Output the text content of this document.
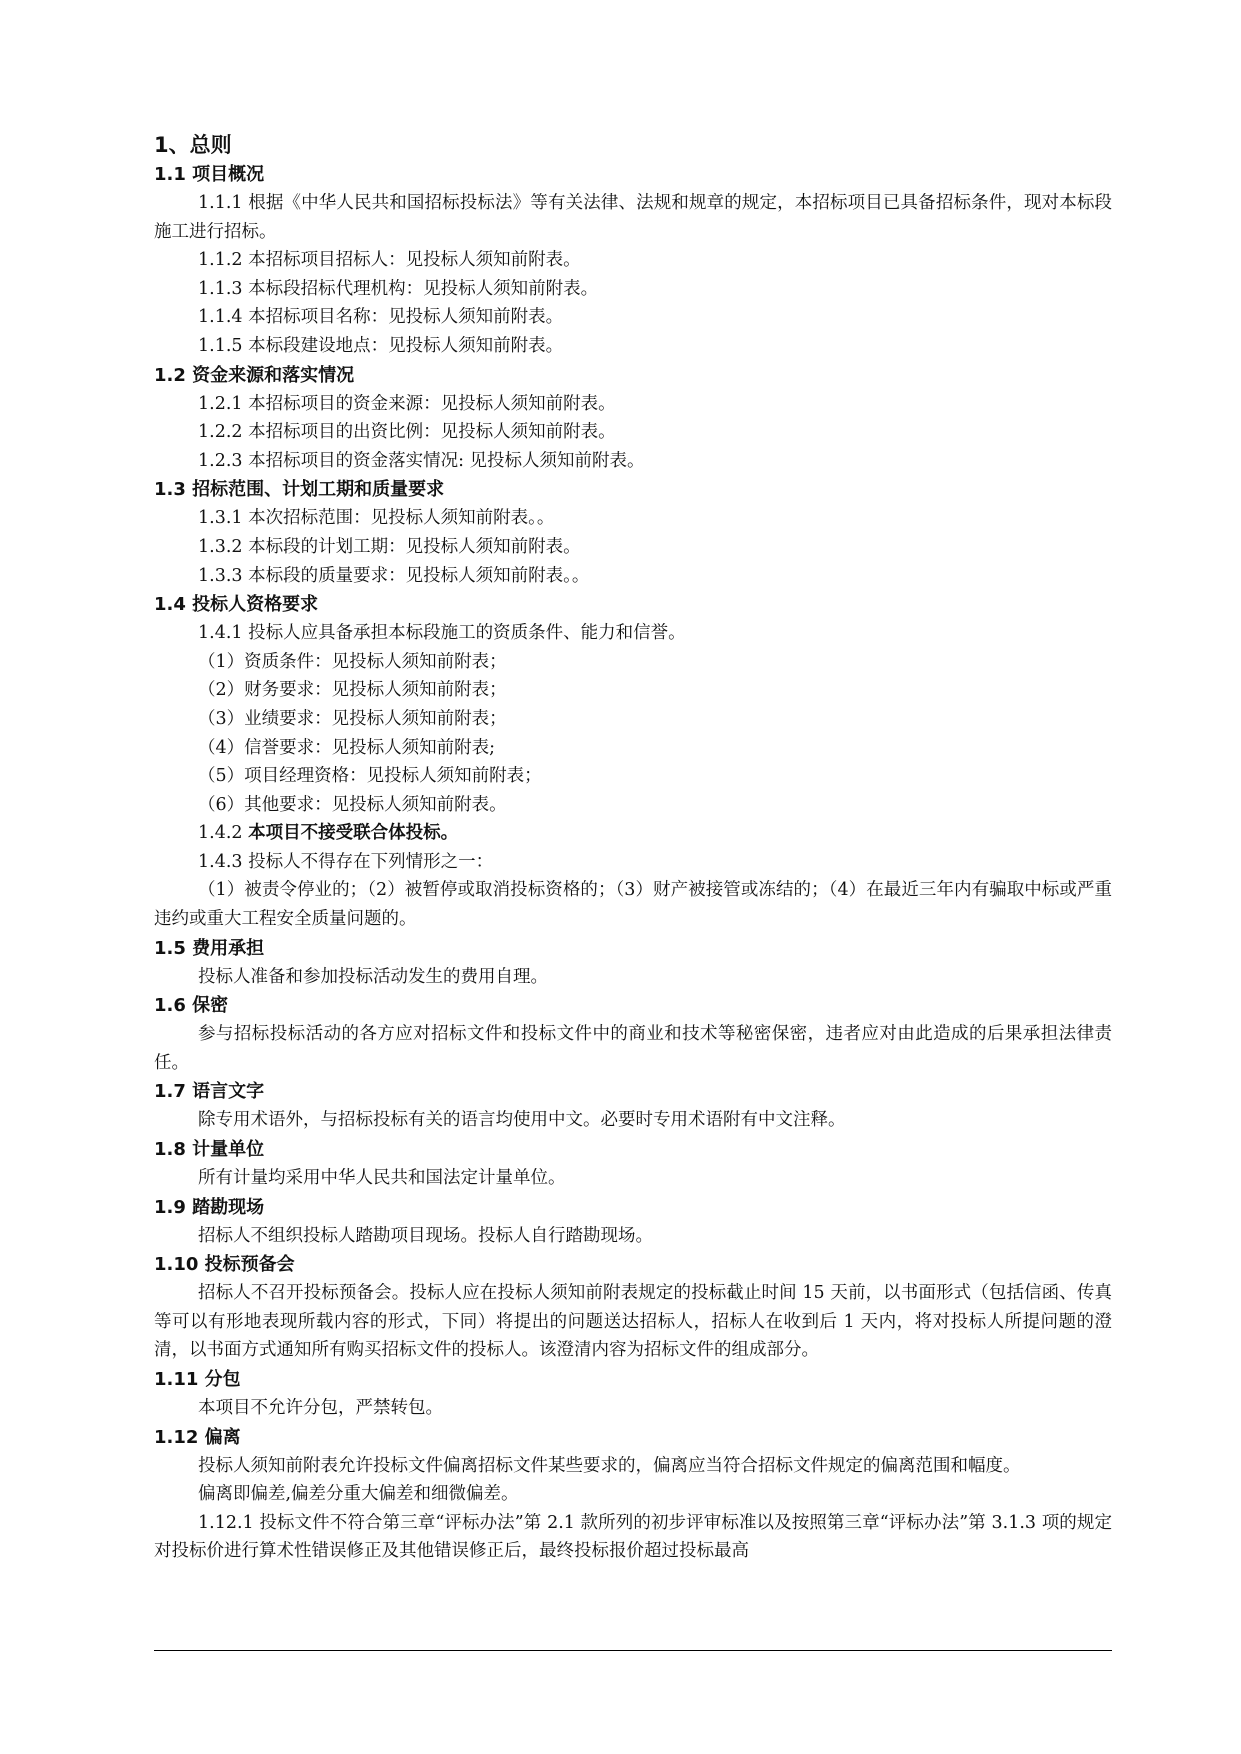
1、总则
1.1 项目概况
1.1.1 根据《中华人民共和国招标投标法》等有关法律、法规和规章的规定，本招标项目已具备招标条件，现对本标段施工进行招标。
1.1.2 本招标项目招标人：见投标人须知前附表。
1.1.3 本标段招标代理机构：见投标人须知前附表。
1.1.4 本招标项目名称：见投标人须知前附表。
1.1.5 本标段建设地点：见投标人须知前附表。
1.2 资金来源和落实情况
1.2.1 本招标项目的资金来源：见投标人须知前附表。
1.2.2 本招标项目的出资比例：见投标人须知前附表。
1.2.3 本招标项目的资金落实情况: 见投标人须知前附表。
1.3 招标范围、计划工期和质量要求
1.3.1 本次招标范围：见投标人须知前附表。。
1.3.2 本标段的计划工期：见投标人须知前附表。
1.3.3 本标段的质量要求：见投标人须知前附表。。
1.4 投标人资格要求
1.4.1 投标人应具备承担本标段施工的资质条件、能力和信誉。
（1）资质条件：见投标人须知前附表；
（2）财务要求：见投标人须知前附表；
（3）业绩要求：见投标人须知前附表；
（4）信誉要求：见投标人须知前附表;
（5）项目经理资格：见投标人须知前附表；
（6）其他要求：见投标人须知前附表。
1.4.2 本项目不接受联合体投标。
1.4.3 投标人不得存在下列情形之一：
（1）被责令停业的；（2）被暂停或取消投标资格的；（3）财产被接管或冻结的；（4）在最近三年内有骗取中标或严重违约或重大工程安全质量问题的。
1.5 费用承担
投标人准备和参加投标活动发生的费用自理。
1.6 保密
参与招标投标活动的各方应对招标文件和投标文件中的商业和技术等秘密保密，违者应对由此造成的后果承担法律责任。
1.7 语言文字
除专用术语外，与招标投标有关的语言均使用中文。必要时专用术语附有中文注释。
1.8 计量单位
所有计量均采用中华人民共和国法定计量单位。
1.9 踏勘现场
招标人不组织投标人踏勘项目现场。投标人自行踏勘现场。
1.10 投标预备会
招标人不召开投标预备会。投标人应在投标人须知前附表规定的投标截止时间 15 天前，以书面形式（包括信函、传真等可以有形地表现所载内容的形式，下同）将提出的问题送达招标人，招标人在收到后 1 天内，将对投标人所提问题的澄清，以书面方式通知所有购买招标文件的投标人。该澄清内容为招标文件的组成部分。
1.11 分包
本项目不允许分包，严禁转包。
1.12 偏离
投标人须知前附表允许投标文件偏离招标文件某些要求的，偏离应当符合招标文件规定的偏离范围和幅度。
偏离即偏差,偏差分重大偏差和细微偏差。
1.12.1 投标文件不符合第三章“评标办法”第 2.1 款所列的初步评审标准以及按照第三章“评标办法”第 3.1.3 项的规定对投标价进行算术性错误修正及其他错误修正后，最终投标报价超过投标最高
